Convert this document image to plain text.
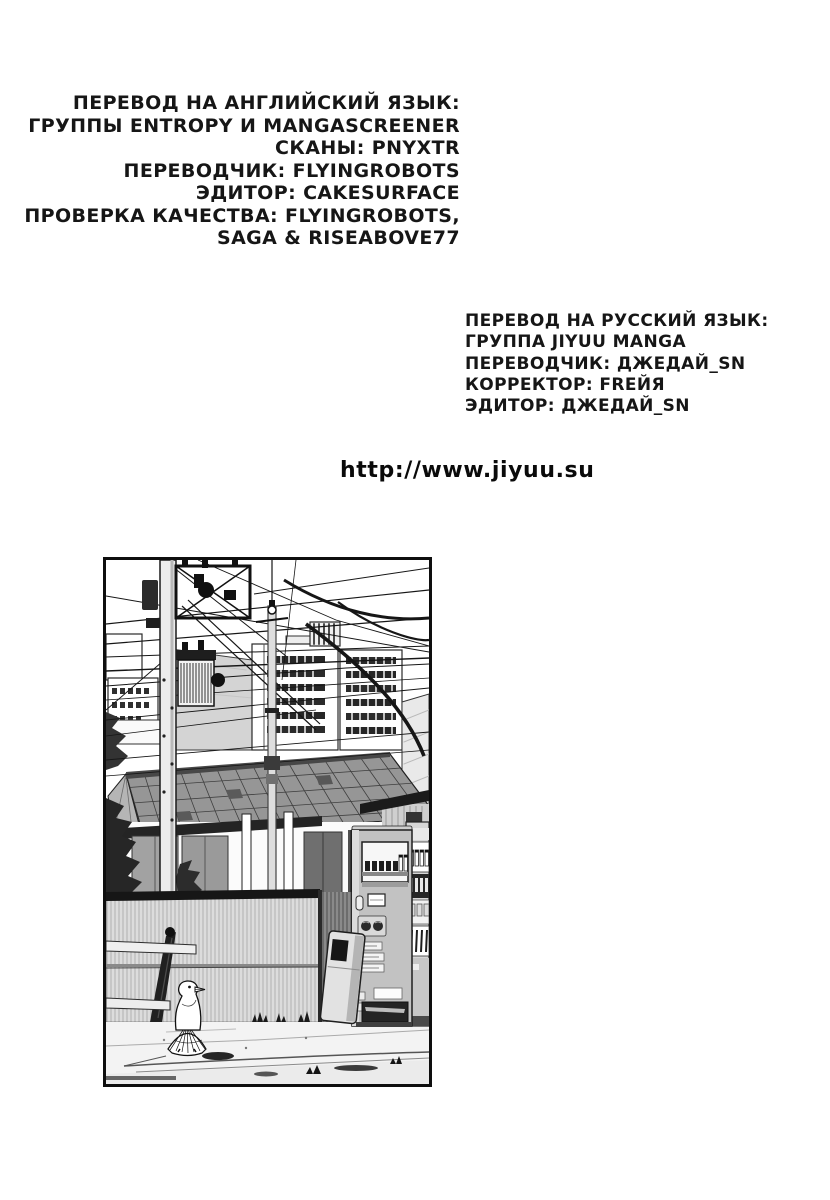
ПЕРЕВОД НА АНГЛИЙСКИЙ ЯЗЫК:
ГРУППЫ ENTROPY И MANGASCREENER
СКАНЫ: PNYXTR
ПЕРЕВОДЧИК: FLYINGROBOTS
ЭДИТОР: CAKESURFACE
ПРОВЕРКА КАЧЕСТВА: FLYINGROBOTS,
SAGA & RISEABOVE77
ПЕРЕВОД НА РУССКИЙ ЯЗЫК:
ГРУППА JIYUU MANGA
ПЕРЕВОДЧИК: ДЖЕДАЙ_SN
КОРРЕКТОР: FREЙЯ
ЭДИТОР: ДЖЕДАЙ_SN
http://www.jiyuu.su
